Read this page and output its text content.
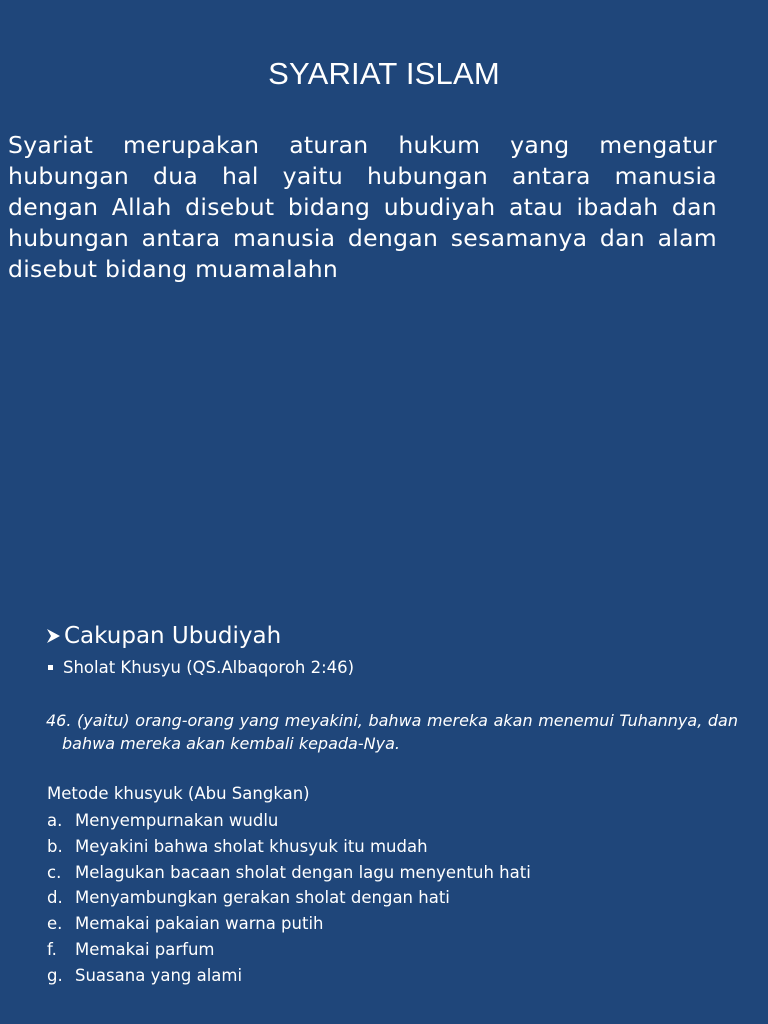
SYARIAT ISLAM
Syariat merupakan aturan hukum yang mengatur hubungan dua hal yaitu hubungan antara manusia dengan Allah disebut bidang ubudiyah atau ibadah dan hubungan antara manusia dengan sesamanya dan alam disebut bidang muamalahn
Cakupan Ubudiyah
Sholat Khusyu (QS.Albaqoroh 2:46)
46. (yaitu) orang-orang yang meyakini, bahwa mereka akan menemui Tuhannya, dan bahwa mereka akan kembali kepada-Nya.
Metode khusyuk (Abu Sangkan)
a. Menyempurnakan wudlu
b. Meyakini bahwa sholat khusyuk itu mudah
c. Melagukan bacaan sholat dengan lagu menyentuh hati
d. Menyambungkan gerakan sholat dengan hati
e. Memakai pakaian warna putih
f.	Memakai parfum
g. Suasana yang alami
